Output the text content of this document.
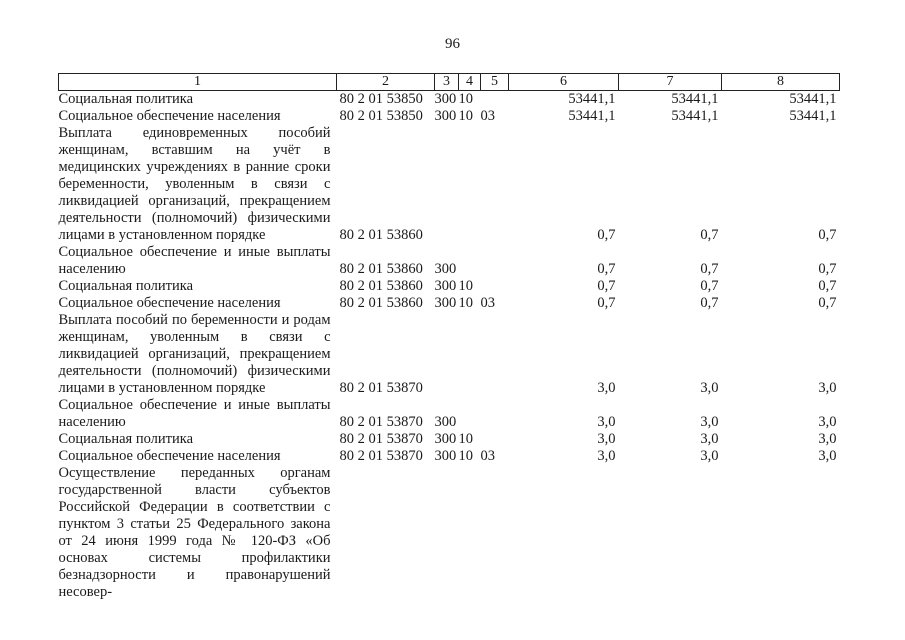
96
1	2	3	4	5	6	7	8
Социальная политика	80 2 01 53850	300	10		53441,1	53441,1	53441,1
Социальное обеспечение населения	80 2 01 53850	300	10	03	53441,1	53441,1	53441,1
Выплата единовременных пособий женщинам, вставшим на учёт в медицинских учреждениях в ранние сроки беременности, уволенным в связи с ликвидацией организаций, прекращением деятельности (полномочий) физическими лицами в установленном порядке	80 2 01 53860				0,7	0,7	0,7
Социальное обеспечение и иные выплаты населению	80 2 01 53860	300			0,7	0,7	0,7
Социальная политика	80 2 01 53860	300	10		0,7	0,7	0,7
Социальное обеспечение населения	80 2 01 53860	300	10	03	0,7	0,7	0,7
Выплата пособий по беременности и родам женщинам, уволенным в связи с ликвидацией организаций, прекращением деятельности (полномочий) физическими лицами в установленном порядке	80 2 01 53870				3,0	3,0	3,0
Социальное обеспечение и иные выплаты населению	80 2 01 53870	300			3,0	3,0	3,0
Социальная политика	80 2 01 53870	300	10		3,0	3,0	3,0
Социальное обеспечение населения	80 2 01 53870	300	10	03	3,0	3,0	3,0
Осуществление переданных органам государственной власти субъектов Российской Федерации в соответствии с пунктом 3 статьи 25 Федерального закона от 24 июня 1999 года № 120-ФЗ «Об основах системы профилактики безнадзорности и правонарушений несовер-							
